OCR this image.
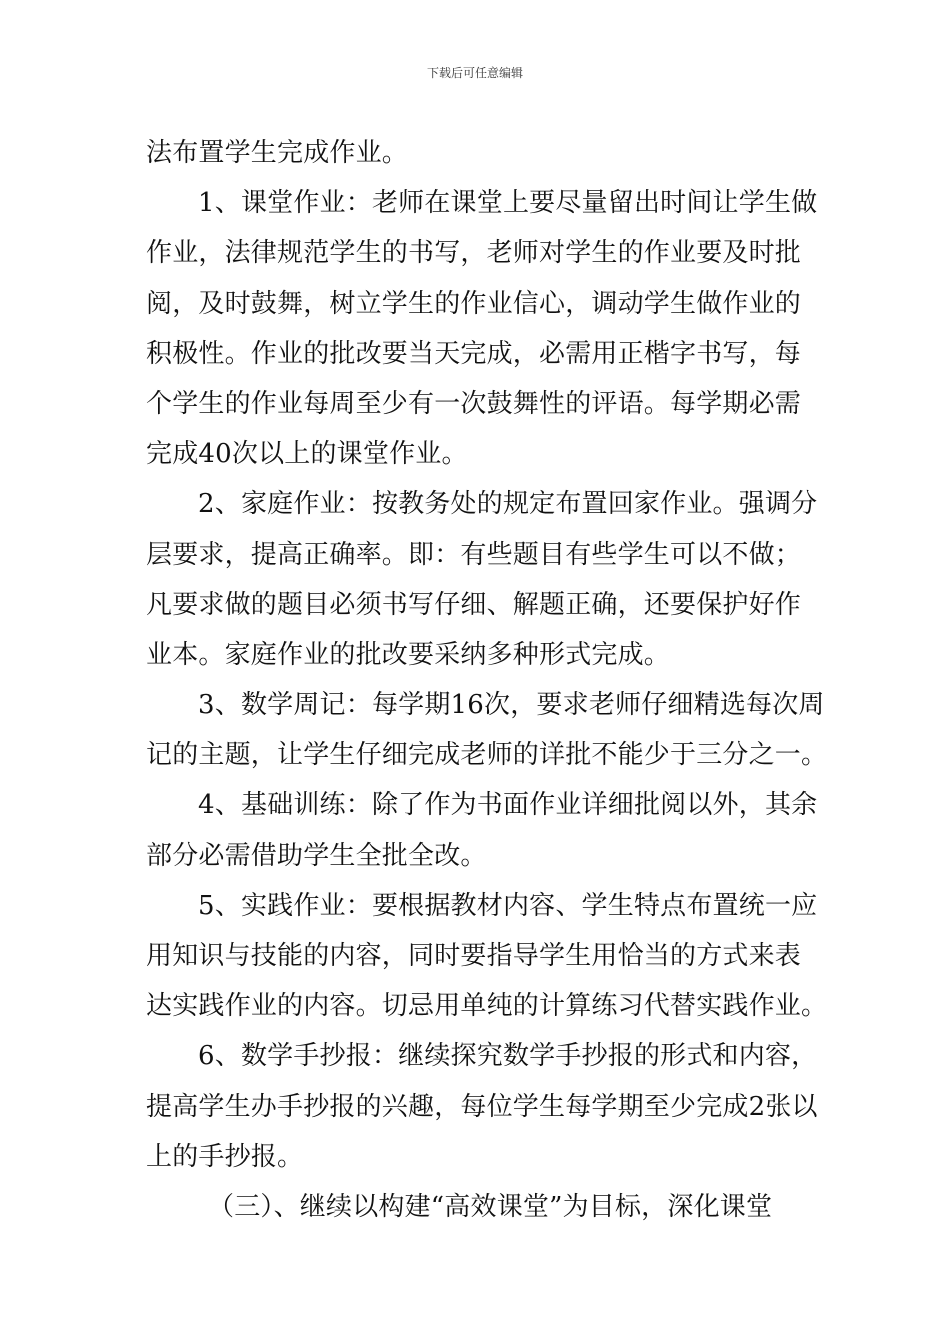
下载后可任意编辑
法布置学生完成作业。
1、课堂作业：老师在课堂上要尽量留出时间让学生做
作业，法律规范学生的书写，老师对学生的作业要及时批
阅，及时鼓舞，树立学生的作业信心，调动学生做作业的
积极性。作业的批改要当天完成，必需用正楷字书写，每
个学生的作业每周至少有一次鼓舞性的评语。每学期必需
完成40次以上的课堂作业。
2、家庭作业：按教务处的规定布置回家作业。强调分
层要求，提高正确率。即：有些题目有些学生可以不做；
凡要求做的题目必须书写仔细、解题正确，还要保护好作
业本。家庭作业的批改要采纳多种形式完成。
3、数学周记：每学期16次，要求老师仔细精选每次周
记的主题，让学生仔细完成老师的详批不能少于三分之一。
4、基础训练：除了作为书面作业详细批阅以外，其余
部分必需借助学生全批全改。
5、实践作业：要根据教材内容、学生特点布置统一应
用知识与技能的内容，同时要指导学生用恰当的方式来表
达实践作业的内容。切忌用单纯的计算练习代替实践作业。
6、数学手抄报：继续探究数学手抄报的形式和内容，
提高学生办手抄报的兴趣，每位学生每学期至少完成2张以
上的手抄报。
（三）、继续以构建“高效课堂”为目标，深化课堂
